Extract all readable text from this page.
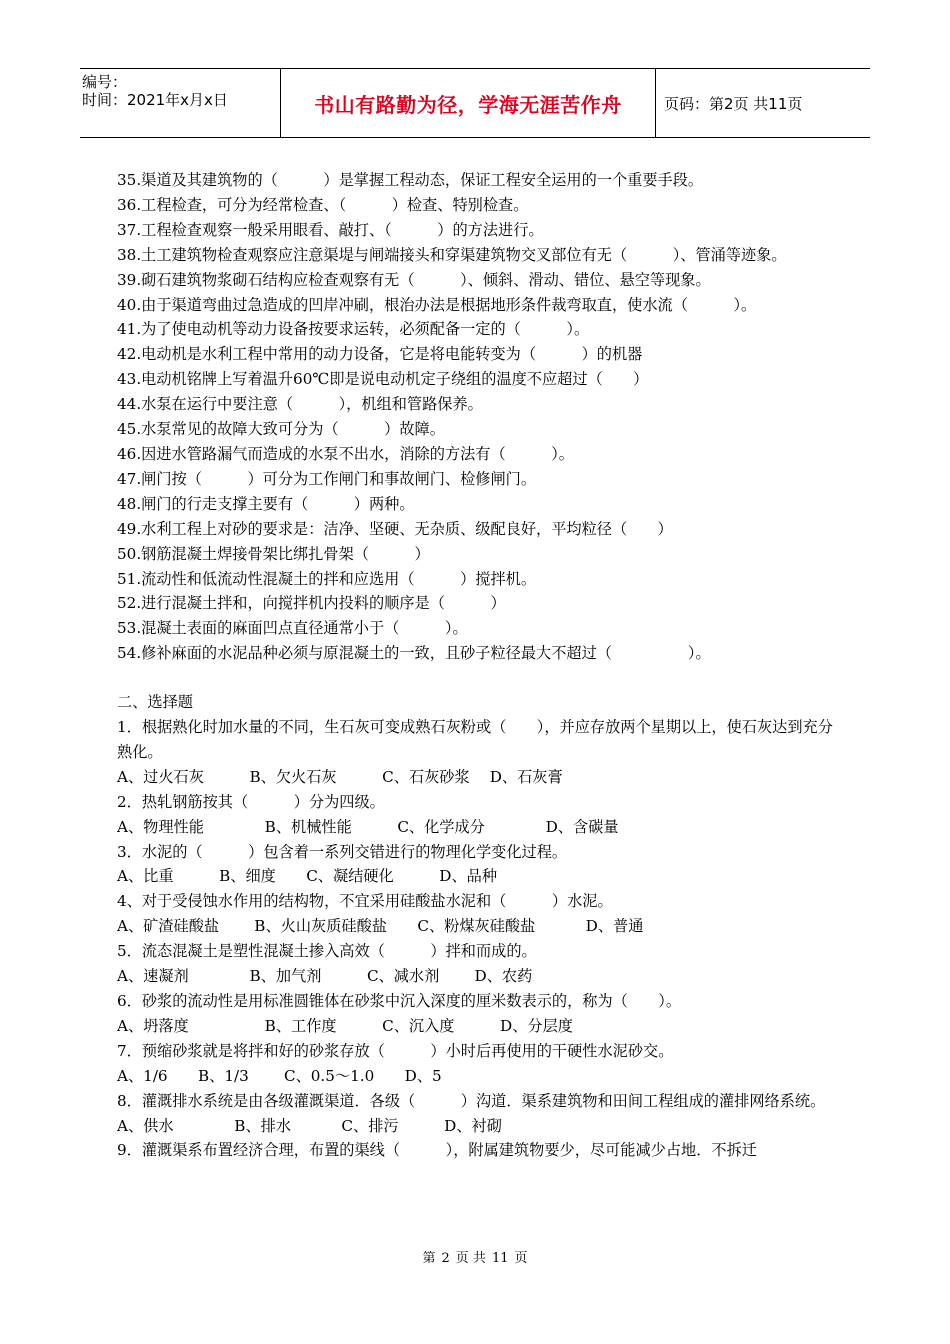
编号：
时间：2021年x月x日	书山有路勤为径，学海无涯苦作舟	页码：第2页 共11页

35.渠道及其建筑物的（　　　）是掌握工程动态，保证工程安全运用的一个重要手段。

36.工程检查，可分为经常检查、（　　　）检查、特别检查。

37.工程检查观察一般采用眼看、敲打、（　　　）的方法进行。

38.土工建筑物检查观察应注意渠堤与闸端接头和穿渠建筑物交叉部位有无（　　　）、管涌等迹象。

39.砌石建筑物浆砌石结构应检查观察有无（　　　）、倾斜、滑动、错位、悬空等现象。

40.由于渠道弯曲过急造成的凹岸冲刷，根治办法是根据地形条件裁弯取直，使水流（　　　）。

41.为了使电动机等动力设备按要求运转，必须配备一定的（　　　）。

42.电动机是水利工程中常用的动力设备，它是将电能转变为（　　　）的机器

43.电动机铭牌上写着温升60℃即是说电动机定子绕组的温度不应超过（　　）

44.水泵在运行中要注意（　　　），机组和管路保养。

45.水泵常见的故障大致可分为（　　　）故障。

46.因进水管路漏气而造成的水泵不出水，消除的方法有（　　　）。

47.闸门按（　　　）可分为工作闸门和事故闸门、检修闸门。

48.闸门的行走支撑主要有（　　　）两种。

49.水利工程上对砂的要求是：洁净、坚硬、无杂质、级配良好，平均粒径（　　）

50.钢筋混凝土焊接骨架比绑扎骨架（　　　）

51.流动性和低流动性混凝土的拌和应选用（　　　）搅拌机。

52.进行混凝土拌和，向搅拌机内投料的顺序是（　　　）

53.混凝土表面的麻面凹点直径通常小于（　　　）。

54.修补麻面的水泥品种必须与原混凝土的一致，且砂子粒径最大不超过（　　　　　）。

二、选择题

1．根据熟化时加水量的不同，生石灰可变成熟石灰粉或（　　），并应存放两个星期以上，使石灰达到充分熟化。

A、过火石灰　　　B、欠火石灰　　　C、石灰砂浆　 D、石灰膏

2．热轧钢筋按其（　　　）分为四级。

A、物理性能　　　　B、机械性能　　　C、化学成分　　　　D、含碳量

3．水泥的（　　　）包含着一系列交错进行的物理化学变化过程。

A、比重　　　B、细度　　C、凝结硬化　　　D、品种

4、对于受侵蚀水作用的结构物，不宜采用硅酸盐水泥和（　　　）水泥。

A、矿渣硅酸盐　　 B、火山灰质硅酸盐　　C、粉煤灰硅酸盐　　　 D、普通

5．流态混凝土是塑性混凝土掺入高效（　　　）拌和而成的。

A、速凝剂　　　　B、加气剂　　　C、减水剂　　 D、农药

6．砂浆的流动性是用标准圆锥体在砂浆中沉入深度的厘米数表示的，称为（　　）。

A、坍落度　　　　　B、工作度　　　C、沉入度　　　D、分层度

7．预缩砂浆就是将拌和好的砂浆存放（　　　）小时后再使用的干硬性水泥砂交。

A、1/6　　B、1/3　　 C、0.5～1.0　　D、5

8．灌溉排水系统是由各级灌溉渠道．各级（　　　）沟道．渠系建筑物和田间工程组成的灌排网络系统。

A、供水　　　　B、排水　　　 C、排污　　　D、衬砌

9．灌溉渠系布置经济合理，布置的渠线（　　　），附属建筑物要少，尽可能减少占地．不拆迁

第 2 页 共 11 页
